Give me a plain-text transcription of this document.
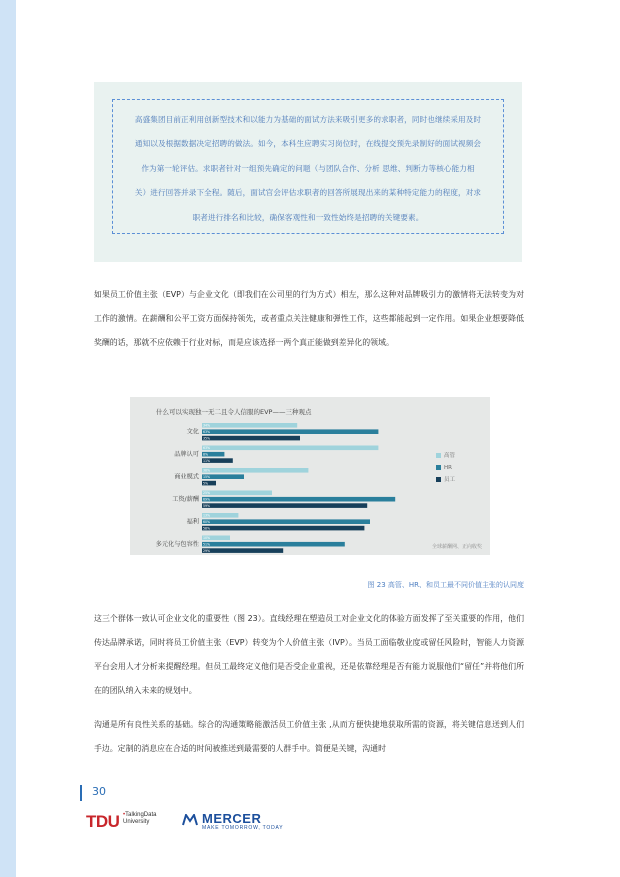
高盛集团目前正利用创新型技术和以能力为基础的面试方法来吸引更多的求职者，同时也继续采用及时

通知以及根据数据决定招聘的做法。如今，本科生应聘实习岗位时，在线提交预先录制好的面试视频会

作为第一轮评估。求职者针对一组预先确定的问题（与团队合作、分析 思维、判断力等核心能力相

关）进行回答并录下全程。随后，面试官会评估求职者的回答所展现出来的某种特定能力的程度，对求

职者进行排名和比较，确保客观性和一致性始终是招聘的关键要素。

如果员工价值主张（EVP）与企业文化（即我们在公司里的行为方式）相左，那么这种对品牌吸引力的激情将无法转变为对工作的激情。在薪酬和公平工资方面保持领先，或者重点关注健康和弹性工作，这些都能起到一定作用。如果企业想要降低奖酬的话，那就不应依赖于行业对标，而是应该选择一两个真正能做到差异化的领域。

什么可以实现独一无二且令人信服的EVP——三种观点
文化
34%
63%
35%
品牌认可
63%
8%
11%
商业模式
38%
15%
5%
工资/薪酬
25%
69%
59%
福利
13%
60%
58%
多元化与包容性
10%
51%
29%
高管
HR
员工
全球薪酬网、正向收奖

图 23 高管、HR、和员工最不同价值主张的认同度

这三个群体一致认可企业文化的重要性（图 23）。直线经理在塑造员工对企业文化的体验方面发挥了至关重要的作用，他们传达品牌承诺，同时将员工价值主张（EVP）转变为个人价值主张（IVP）。当员工面临敬业度或留任风险时，智能人力资源平台会用人才分析来提醒经理。但员工最终定义他们是否受企业重视，还是依靠经理是否有能力说服他们“留任”并将他们所在的团队纳入未来的规划中。

沟通是所有良性关系的基础。综合的沟通策略能激活员工价值主张 ,从而方便快捷地获取所需的资源，将关键信息送到人们手边。定制的消息应在合适的时间被推送到最需要的人群手中。简便是关键，沟通时

30
TDU •TalkingData
University	MERCER
MAKE TOMORROW, TODAY
